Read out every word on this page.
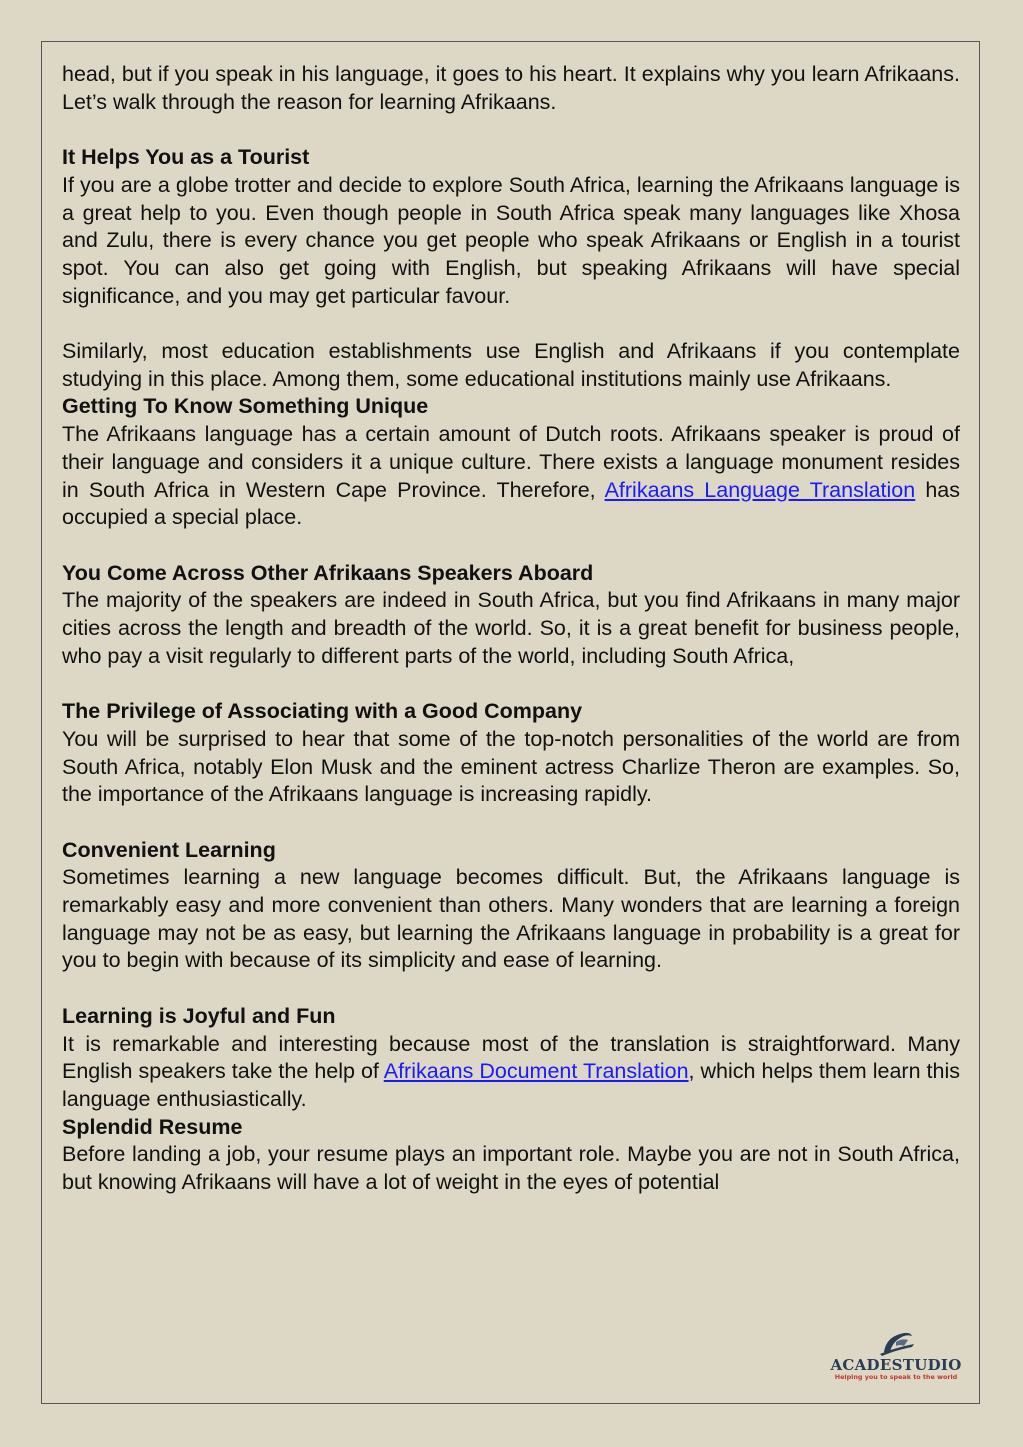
head, but if you speak in his language, it goes to his heart. It explains why you learn Afrikaans. Let’s walk through the reason for learning Afrikaans.

It Helps You as a Tourist

If you are a globe trotter and decide to explore South Africa, learning the Afrikaans language is a great help to you. Even though people in South Africa speak many languages like Xhosa and Zulu, there is every chance you get people who speak Afrikaans or English in a tourist spot. You can also get going with English, but speaking Afrikaans will have special significance, and you may get particular favour.

Similarly, most education establishments use English and Afrikaans if you contemplate studying in this place. Among them, some educational institutions mainly use Afrikaans.

Getting To Know Something Unique

The Afrikaans language has a certain amount of Dutch roots. Afrikaans speaker is proud of their language and considers it a unique culture. There exists a language monument resides in South Africa in Western Cape Province. Therefore, Afrikaans Language Translation has occupied a special place.

You Come Across Other Afrikaans Speakers Aboard

The majority of the speakers are indeed in South Africa, but you find Afrikaans in many major cities across the length and breadth of the world. So, it is a great benefit for business people, who pay a visit regularly to different parts of the world, including South Africa,

The Privilege of Associating with a Good Company

You will be surprised to hear that some of the top-notch personalities of the world are from South Africa, notably Elon Musk and the eminent actress Charlize Theron are examples. So, the importance of the Afrikaans language is increasing rapidly.

Convenient Learning

Sometimes learning a new language becomes difficult. But, the Afrikaans language is remarkably easy and more convenient than others. Many wonders that are learning a foreign language may not be as easy, but learning the Afrikaans language in probability is a great for you to begin with because of its simplicity and ease of learning.

Learning is Joyful and Fun

It is remarkable and interesting because most of the translation is straightforward. Many English speakers take the help of Afrikaans Document Translation, which helps them learn this language enthusiastically.

Splendid Resume

Before landing a job, your resume plays an important role. Maybe you are not in South Africa, but knowing Afrikaans will have a lot of weight in the eyes of potential

ACADESTUDIO
Helping you to speak to the world
